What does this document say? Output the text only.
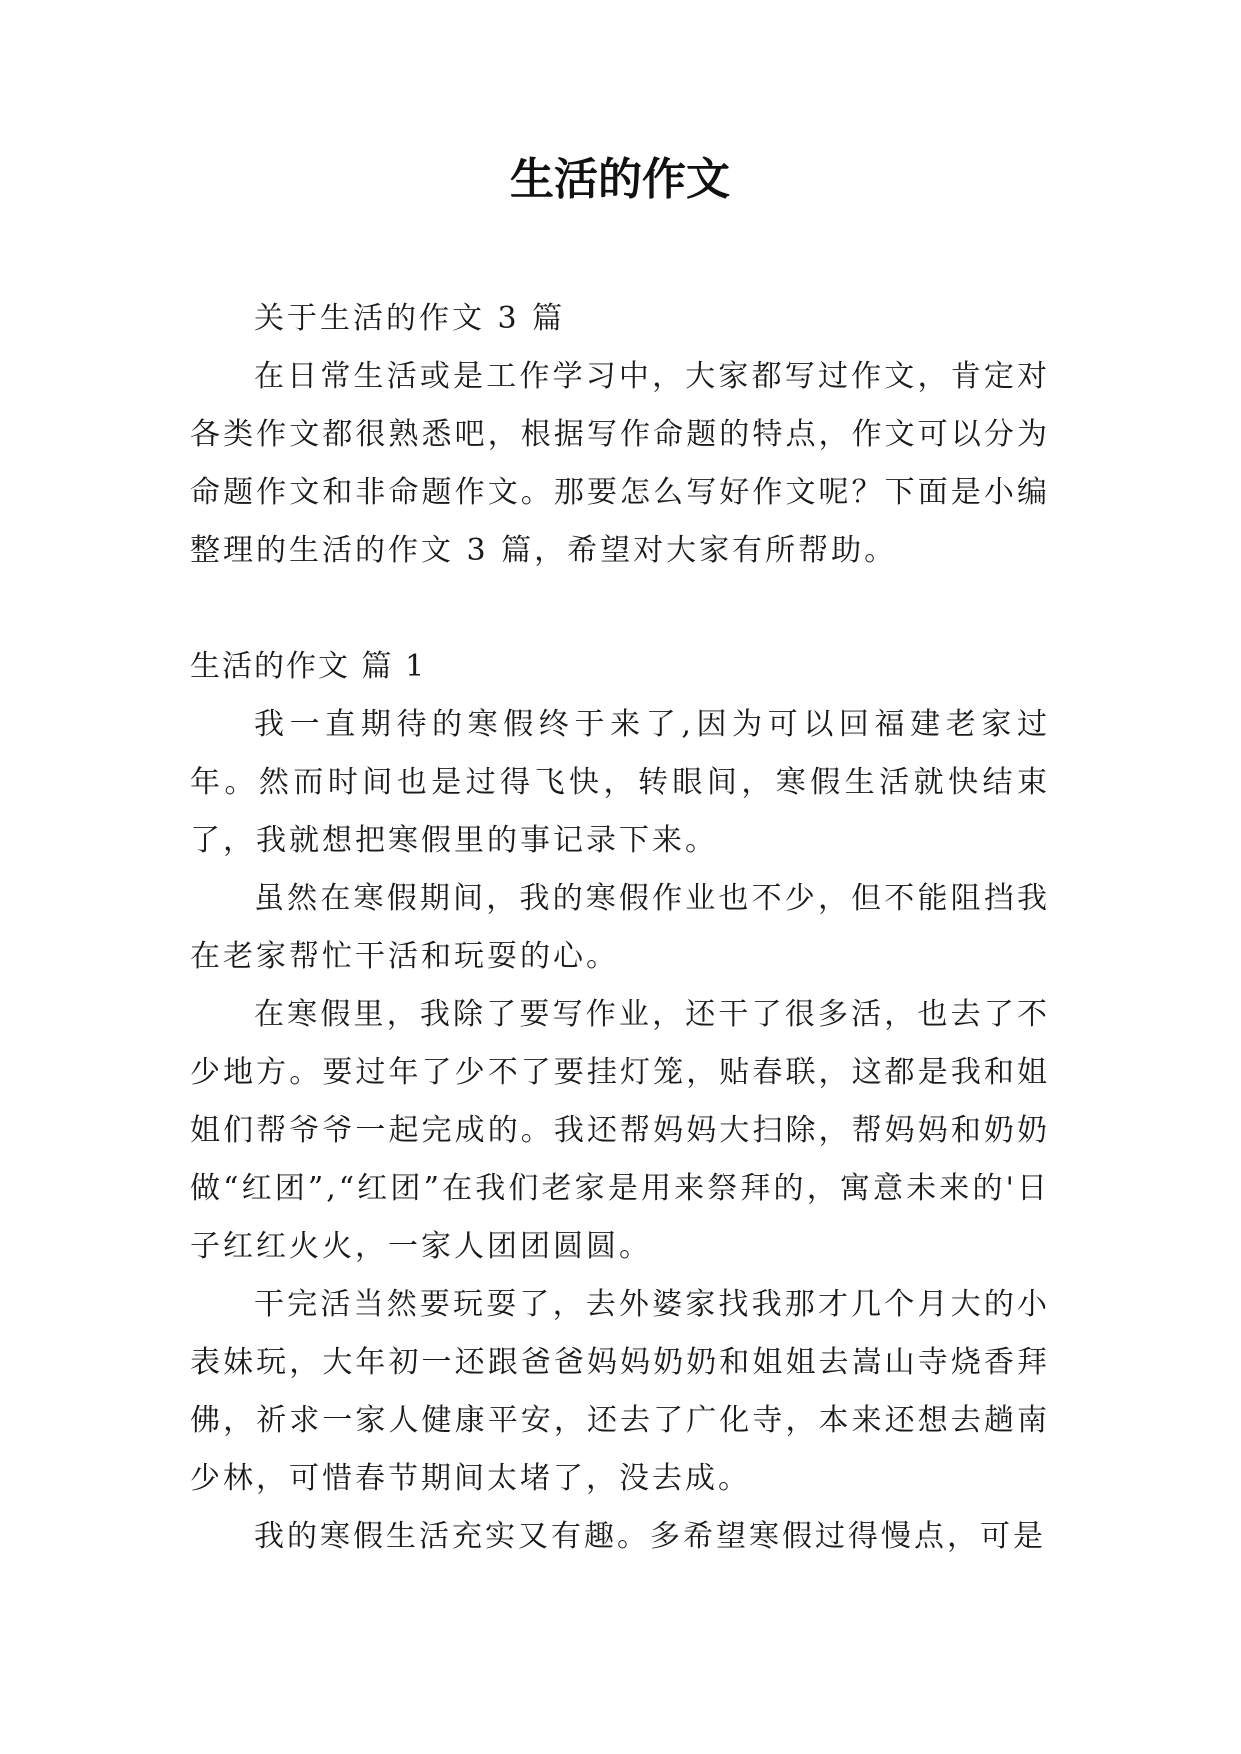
生活的作文

关于生活的作文 3 篇

在日常生活或是工作学习中，大家都写过作文，肯定对各类作文都很熟悉吧，根据写作命题的特点，作文可以分为命题作文和非命题作文。那要怎么写好作文呢？下面是小编整理的生活的作文 3 篇，希望对大家有所帮助。

生活的作文 篇 1

我一直期待的寒假终于来了,因为可以回福建老家过年。然而时间也是过得飞快，转眼间，寒假生活就快结束了，我就想把寒假里的事记录下来。

虽然在寒假期间，我的寒假作业也不少，但不能阻挡我在老家帮忙干活和玩耍的心。

在寒假里，我除了要写作业，还干了很多活，也去了不少地方。要过年了少不了要挂灯笼，贴春联，这都是我和姐姐们帮爷爷一起完成的。我还帮妈妈大扫除，帮妈妈和奶奶做“红团”,“红团”在我们老家是用来祭拜的，寓意未来的'日子红红火火，一家人团团圆圆。

干完活当然要玩耍了，去外婆家找我那才几个月大的小表妹玩，大年初一还跟爸爸妈妈奶奶和姐姐去嵩山寺烧香拜佛，祈求一家人健康平安，还去了广化寺，本来还想去趟南少林，可惜春节期间太堵了，没去成。

我的寒假生活充实又有趣。多希望寒假过得慢点，可是
